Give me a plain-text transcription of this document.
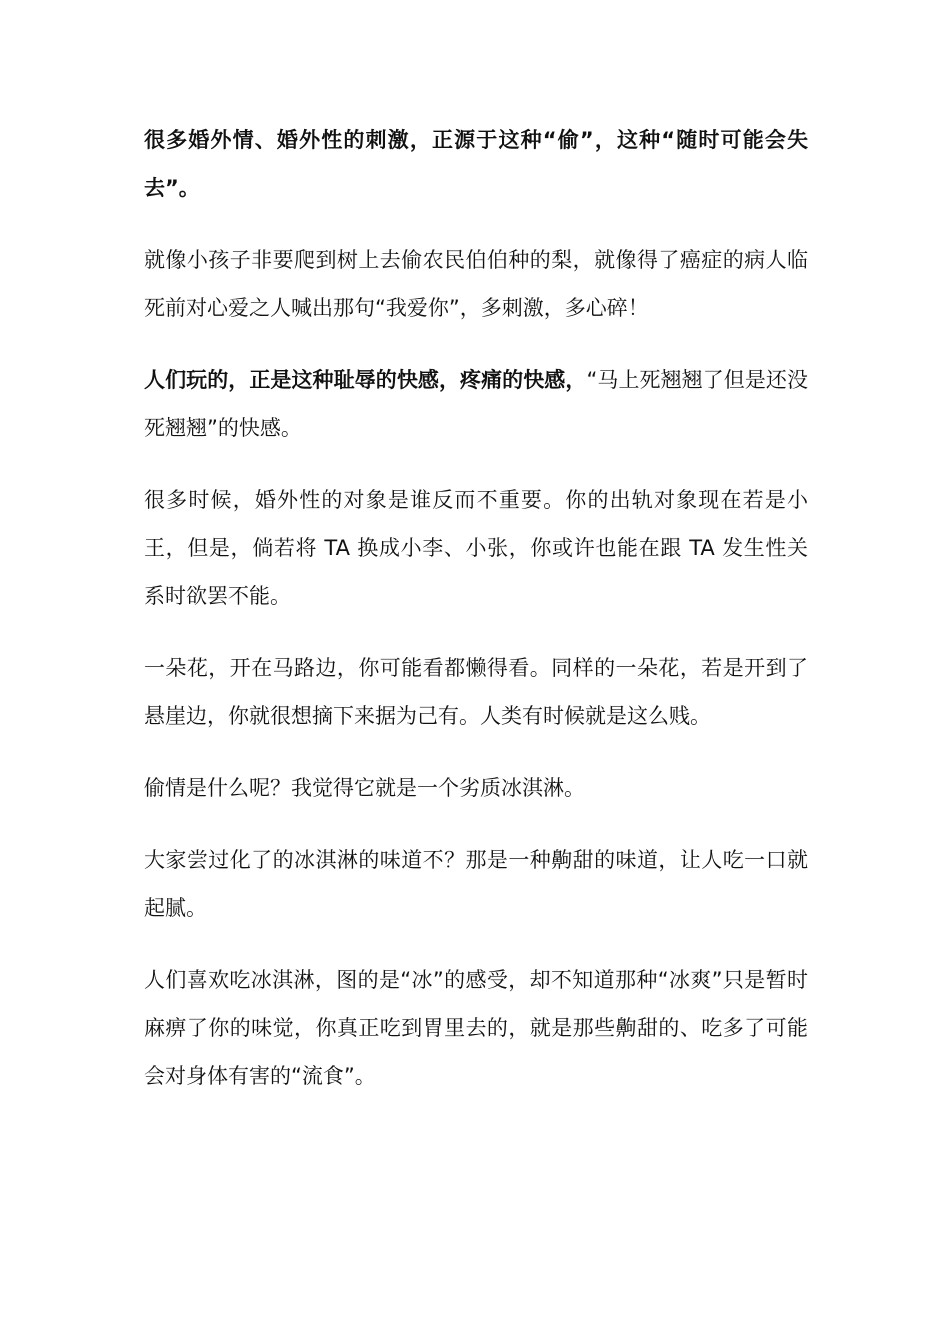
很多婚外情、婚外性的刺激，正源于这种“偷”，这种“随时可能会失去”。

就像小孩子非要爬到树上去偷农民伯伯种的梨，就像得了癌症的病人临死前对心爱之人喊出那句“我爱你”，多刺激，多心碎！

人们玩的，正是这种耻辱的快感，疼痛的快感，“马上死翘翘了但是还没死翘翘”的快感。

很多时候，婚外性的对象是谁反而不重要。你的出轨对象现在若是小王，但是，倘若将 TA 换成小李、小张，你或许也能在跟 TA 发生性关系时欲罢不能。

一朵花，开在马路边，你可能看都懒得看。同样的一朵花，若是开到了悬崖边，你就很想摘下来据为己有。人类有时候就是这么贱。

偷情是什么呢？我觉得它就是一个劣质冰淇淋。

大家尝过化了的冰淇淋的味道不？那是一种齁甜的味道，让人吃一口就起腻。

人们喜欢吃冰淇淋，图的是“冰”的感受，却不知道那种“冰爽”只是暂时麻痹了你的味觉，你真正吃到胃里去的，就是那些齁甜的、吃多了可能会对身体有害的“流食”。
